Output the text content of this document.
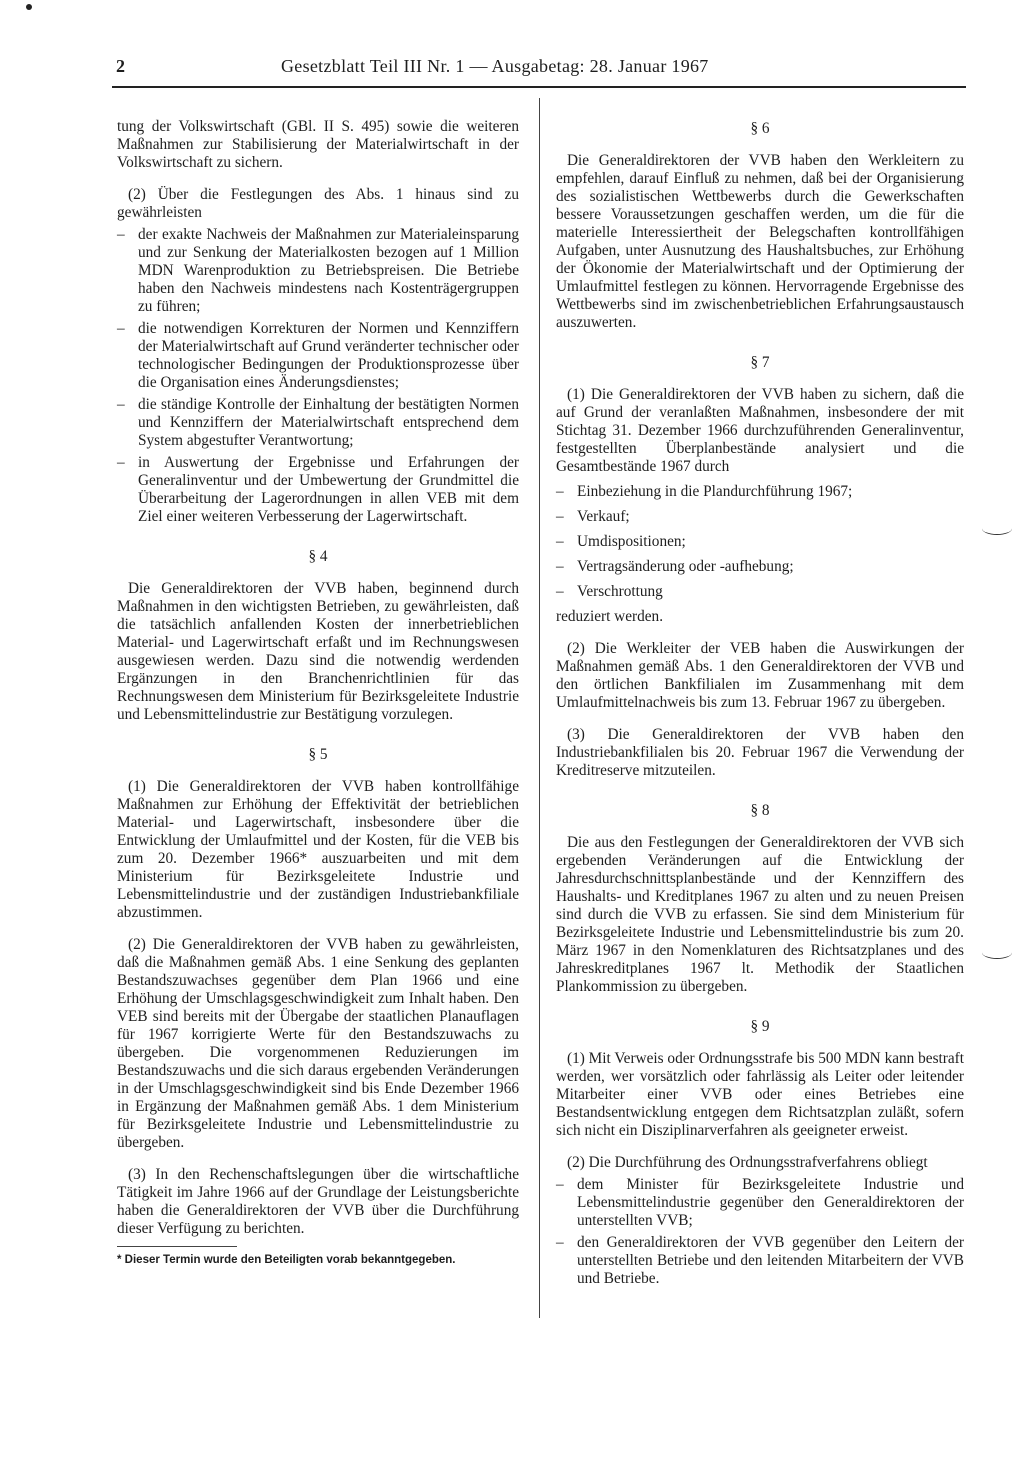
2	Gesetzblatt Teil III Nr. 1 — Ausgabetag: 28. Januar 1967

tung der Volkswirtschaft (GBl. II S. 495) sowie die weiteren Maßnahmen zur Stabilisierung der Materialwirtschaft in der Volkswirtschaft zu sichern.

(2) Über die Festlegungen des Abs. 1 hinaus sind zu gewährleisten

– der exakte Nachweis der Maßnahmen zur Materialeinsparung und zur Senkung der Materialkosten bezogen auf 1 Million MDN Warenproduktion zu Betriebspreisen. Die Betriebe haben den Nachweis mindestens nach Kostenträgergruppen zu führen;
– die notwendigen Korrekturen der Normen und Kennziffern der Materialwirtschaft auf Grund veränderter technischer oder technologischer Bedingungen der Produktionsprozesse über die Organisation eines Änderungsdienstes;
– die ständige Kontrolle der Einhaltung der bestätigten Normen und Kennziffern der Materialwirtschaft entsprechend dem System abgestufter Verantwortung;
– in Auswertung der Ergebnisse und Erfahrungen der Generalinventur und der Umbewertung der Grundmittel die Überarbeitung der Lagerordnungen in allen VEB mit dem Ziel einer weiteren Verbesserung der Lagerwirtschaft.
§ 4

Die Generaldirektoren der VVB haben, beginnend durch Maßnahmen in den wichtigsten Betrieben, zu gewährleisten, daß die tatsächlich anfallenden Kosten der innerbetrieblichen Material- und Lagerwirtschaft erfaßt und im Rechnungswesen ausgewiesen werden. Dazu sind die notwendig werdenden Ergänzungen in den Branchenrichtlinien für das Rechnungswesen dem Ministerium für Bezirksgeleitete Industrie und Lebensmittelindustrie zur Bestätigung vorzulegen.

§ 5

(1) Die Generaldirektoren der VVB haben kontrollfähige Maßnahmen zur Erhöhung der Effektivität der betrieblichen Material- und Lagerwirtschaft, insbesondere über die Entwicklung der Umlaufmittel und der Kosten, für die VEB bis zum 20. Dezember 1966* auszuarbeiten und mit dem Ministerium für Bezirksgeleitete Industrie und Lebensmittelindustrie und der zuständigen Industriebankfiliale abzustimmen.

(2) Die Generaldirektoren der VVB haben zu gewährleisten, daß die Maßnahmen gemäß Abs. 1 eine Senkung des geplanten Bestandszuwachses gegenüber dem Plan 1966 und eine Erhöhung der Umschlagsgeschwindigkeit zum Inhalt haben. Den VEB sind bereits mit der Übergabe der staatlichen Planauflagen für 1967 korrigierte Werte für den Bestandszuwachs zu übergeben. Die vorgenommenen Reduzierungen im Bestandszuwachs und die sich daraus ergebenden Veränderungen in der Umschlagsgeschwindigkeit sind bis Ende Dezember 1966 in Ergänzung der Maßnahmen gemäß Abs. 1 dem Ministerium für Bezirksgeleitete Industrie und Lebensmittelindustrie zu übergeben.

(3) In den Rechenschaftslegungen über die wirtschaftliche Tätigkeit im Jahre 1966 auf der Grundlage der Leistungsberichte haben die Generaldirektoren der VVB über die Durchführung dieser Verfügung zu berichten.

* Dieser Termin wurde den Beteiligten vorab bekanntgegeben.

§ 6

Die Generaldirektoren der VVB haben den Werkleitern zu empfehlen, darauf Einfluß zu nehmen, daß bei der Organisierung des sozialistischen Wettbewerbs durch die Gewerkschaften bessere Voraussetzungen geschaffen werden, um die für die materielle Interessiertheit der Belegschaften kontrollfähigen Aufgaben, unter Ausnutzung des Haushaltsbuches, zur Erhöhung der Ökonomie der Materialwirtschaft und der Optimierung der Umlaufmittel festlegen zu können. Hervorragende Ergebnisse des Wettbewerbs sind im zwischenbetrieblichen Erfahrungsaustausch auszuwerten.

§ 7

(1) Die Generaldirektoren der VVB haben zu sichern, daß die auf Grund der veranlaßten Maßnahmen, insbesondere der mit Stichtag 31. Dezember 1966 durchzuführenden Generalinventur, festgestellten Überplanbestände analysiert und die Gesamtbestände 1967 durch

– Einbeziehung in die Plandurchführung 1967;
– Verkauf;
– Umdispositionen;
– Vertragsänderung oder -aufhebung;
– Verschrottung

reduziert werden.

(2) Die Werkleiter der VEB haben die Auswirkungen der Maßnahmen gemäß Abs. 1 den Generaldirektoren der VVB und den örtlichen Bankfilialen im Zusammenhang mit dem Umlaufmittelnachweis bis zum 13. Februar 1967 zu übergeben.

(3) Die Generaldirektoren der VVB haben den Industriebankfilialen bis 20. Februar 1967 die Verwendung der Kreditreserve mitzuteilen.

§ 8

Die aus den Festlegungen der Generaldirektoren der VVB sich ergebenden Veränderungen auf die Entwicklung der Jahresdurchschnittsplanbestände und der Kennziffern des Haushalts- und Kreditplanes 1967 zu alten und zu neuen Preisen sind durch die VVB zu erfassen. Sie sind dem Ministerium für Bezirksgeleitete Industrie und Lebensmittelindustrie bis zum 20. März 1967 in den Nomenklaturen des Richtsatzplanes und des Jahreskreditplanes 1967 lt. Methodik der Staatlichen Plankommission zu übergeben.

§ 9

(1) Mit Verweis oder Ordnungsstrafe bis 500 MDN kann bestraft werden, wer vorsätzlich oder fahrlässig als Leiter oder leitender Mitarbeiter einer VVB oder eines Betriebes eine Bestandsentwicklung entgegen dem Richtsatzplan zuläßt, sofern sich nicht ein Disziplinarverfahren als geeigneter erweist.

(2) Die Durchführung des Ordnungsstrafverfahrens obliegt

– dem Minister für Bezirksgeleitete Industrie und Lebensmittelindustrie gegenüber den Generaldirektoren der unterstellten VVB;
– den Generaldirektoren der VVB gegenüber den Leitern der unterstellten Betriebe und den leitenden Mitarbeitern der VVB und Betriebe.
